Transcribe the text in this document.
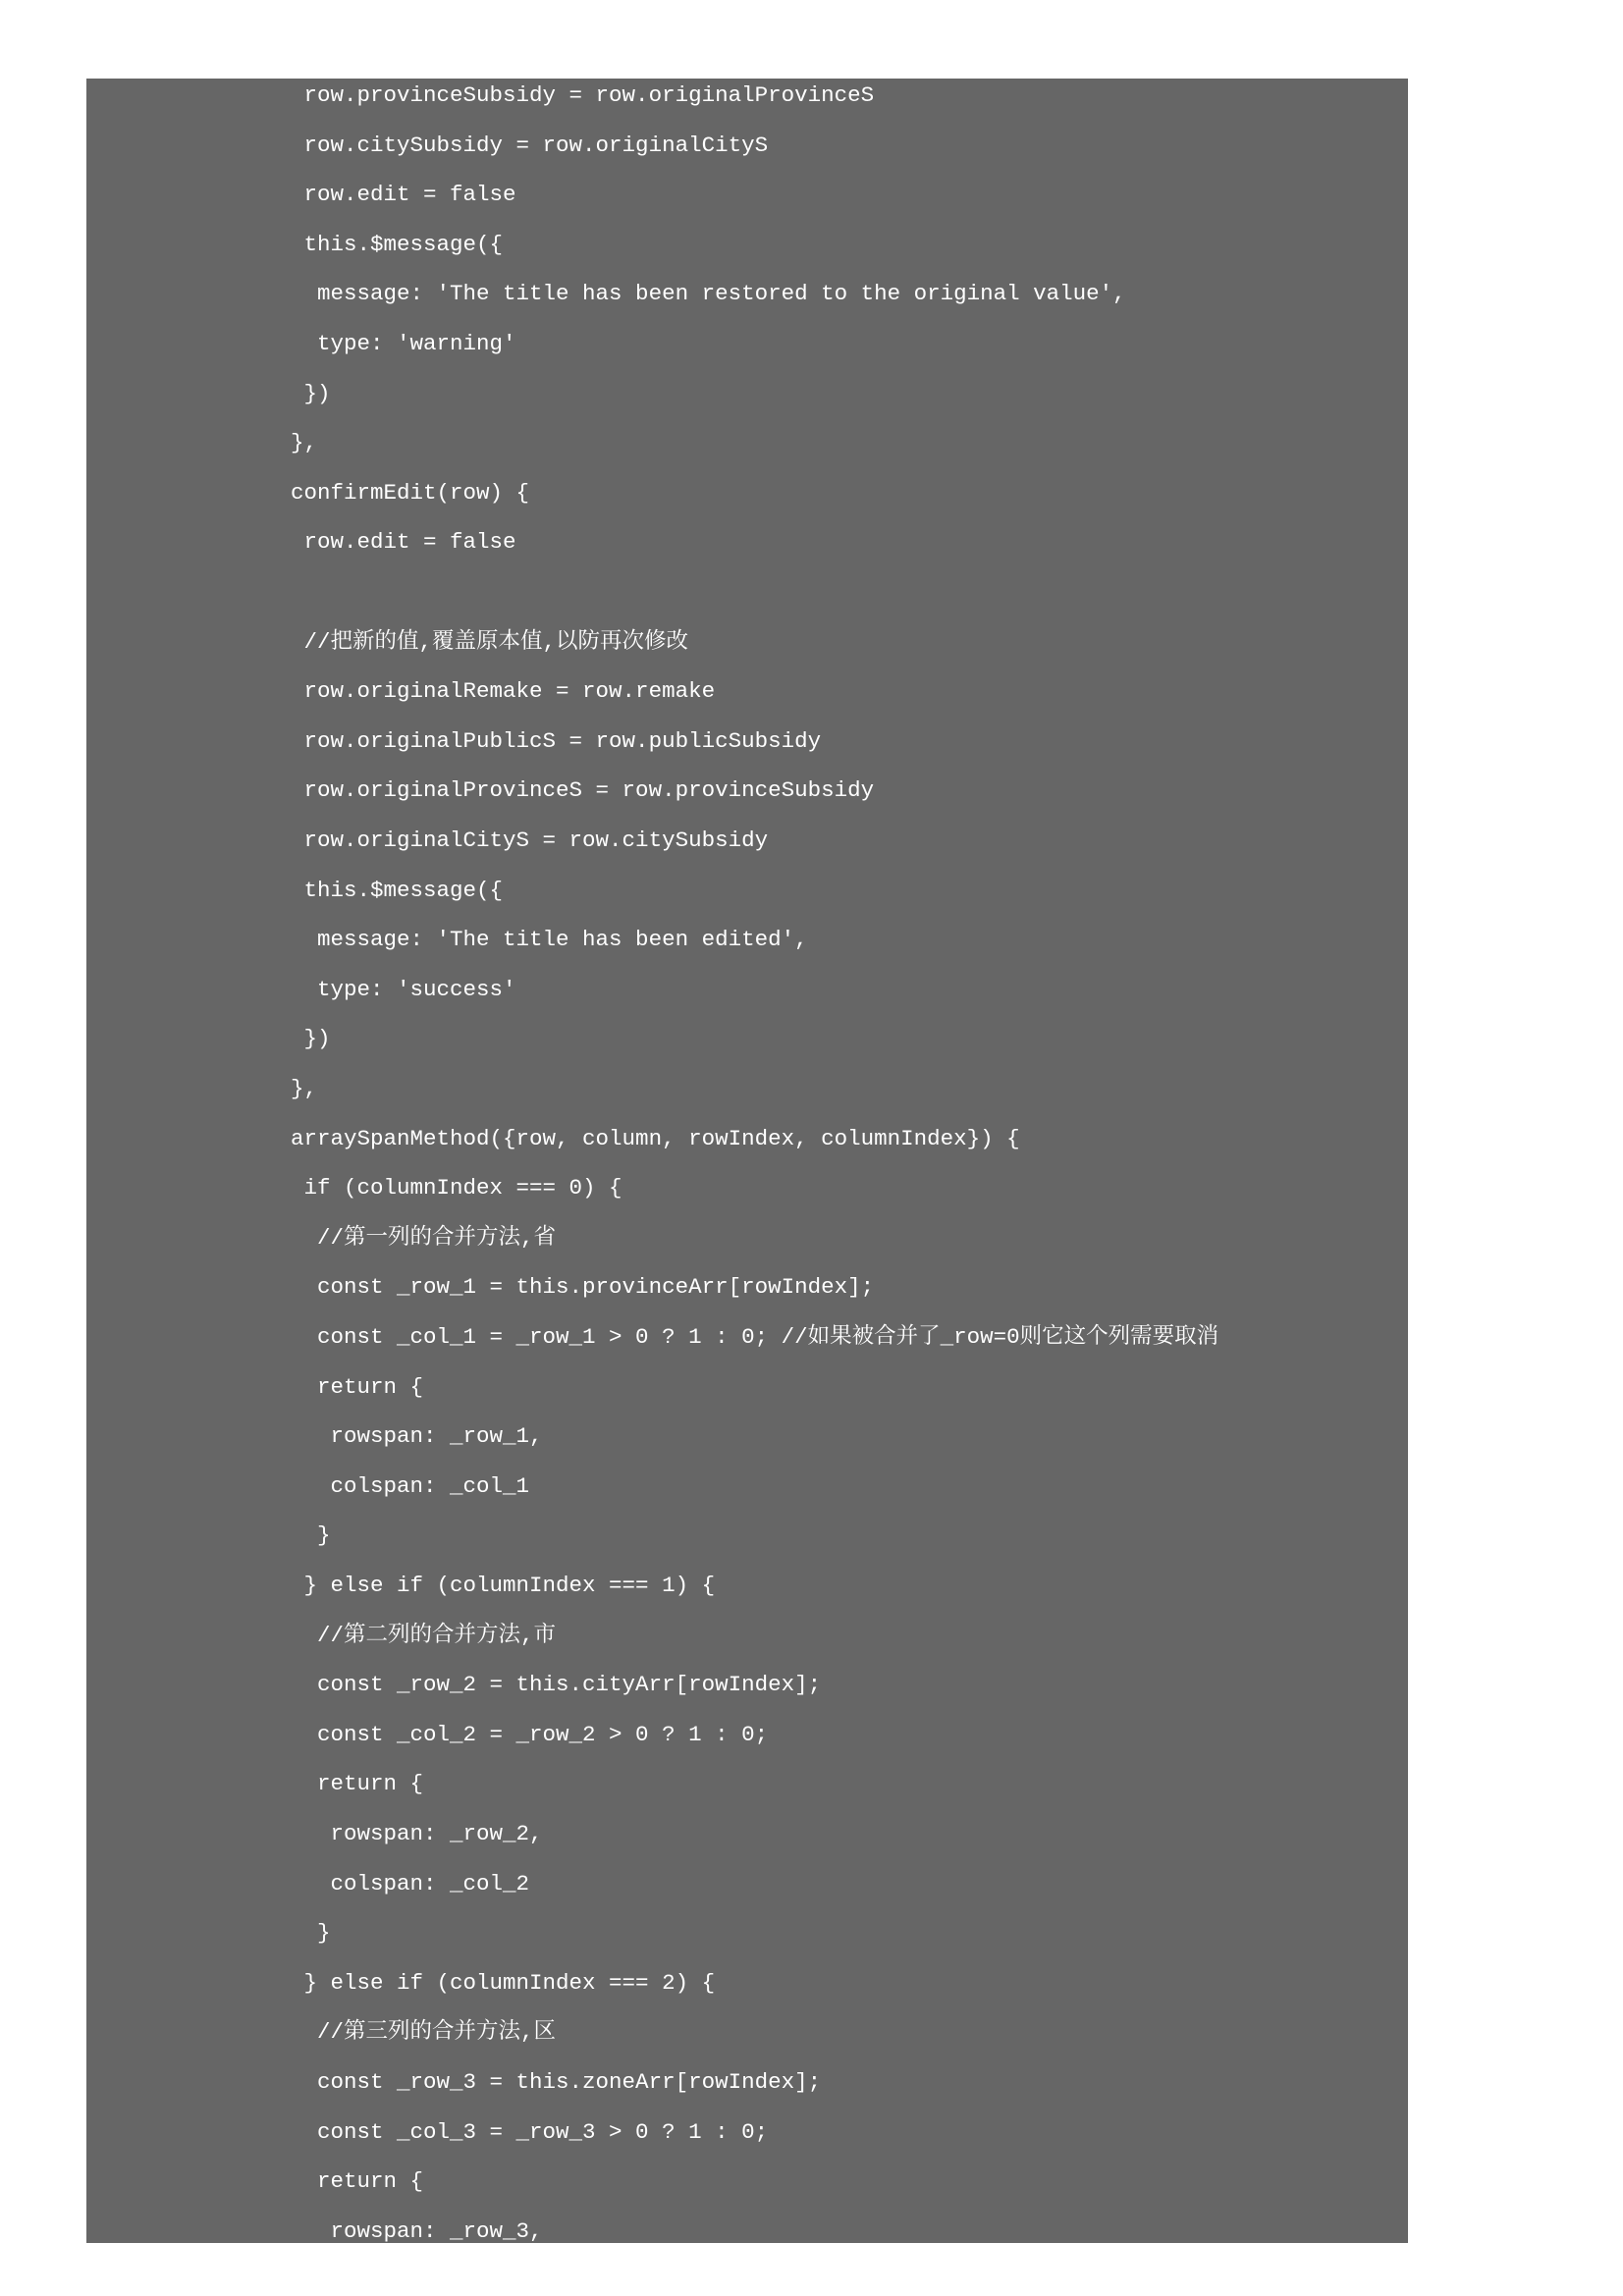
row.provinceSubsidy = row.originalProvinceS
row.citySubsidy = row.originalCityS
row.edit = false
this.$message({
message: 'The title has been restored to the original value',
type: 'warning'
})
},
confirmEdit(row) {
row.edit = false
//把新的值,覆盖原本值,以防再次修改
row.originalRemake = row.remake
row.originalPublicS = row.publicSubsidy
row.originalProvinceS = row.provinceSubsidy
row.originalCityS = row.citySubsidy
this.$message({
message: 'The title has been edited',
type: 'success'
})
},
arraySpanMethod({row, column, rowIndex, columnIndex}) {
if (columnIndex === 0) {
//第一列的合并方法,省
const _row_1 = this.provinceArr[rowIndex];
const _col_1 = _row_1 > 0 ? 1 : 0; //如果被合并了_row=0则它这个列需要取消
return {
rowspan: _row_1,
colspan: _col_1
}
} else if (columnIndex === 1) {
//第二列的合并方法,市
const _row_2 = this.cityArr[rowIndex];
const _col_2 = _row_2 > 0 ? 1 : 0;
return {
rowspan: _row_2,
colspan: _col_2
}
} else if (columnIndex === 2) {
//第三列的合并方法,区
const _row_3 = this.zoneArr[rowIndex];
const _col_3 = _row_3 > 0 ? 1 : 0;
return {
rowspan: _row_3,
